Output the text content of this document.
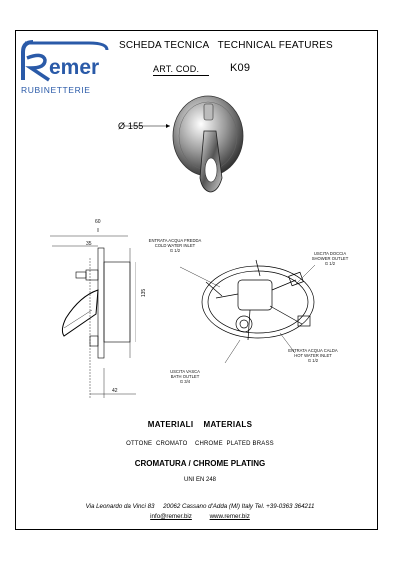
emer
RUBINETTERIE
SCHEDA TECNICA   TECHNICAL FEATURES
ART. COD.	K09
Ø 155
60
35
135
42
ENTRATA ACQUA FREDDA
COLD WATER INLET
G 1/2
USCITA DOCCIA
SHOWER OUTLET
G 1/2
ENTRATA ACQUA CALDA
HOT WATER INLET
G 1/2
USCITA VASCA
BATH OUTLET
G 3/4
MATERIALI    MATERIALS
OTTONE  CROMATO    CHROME  PLATED BRASS
CROMATURA / CHROME PLATING
UNI EN 248
Via Leonardo da Vinci 83     20062 Cassano d'Adda (MI) Italy Tel. +39-0363 364211
info@remer.biz	www.remer.biz
